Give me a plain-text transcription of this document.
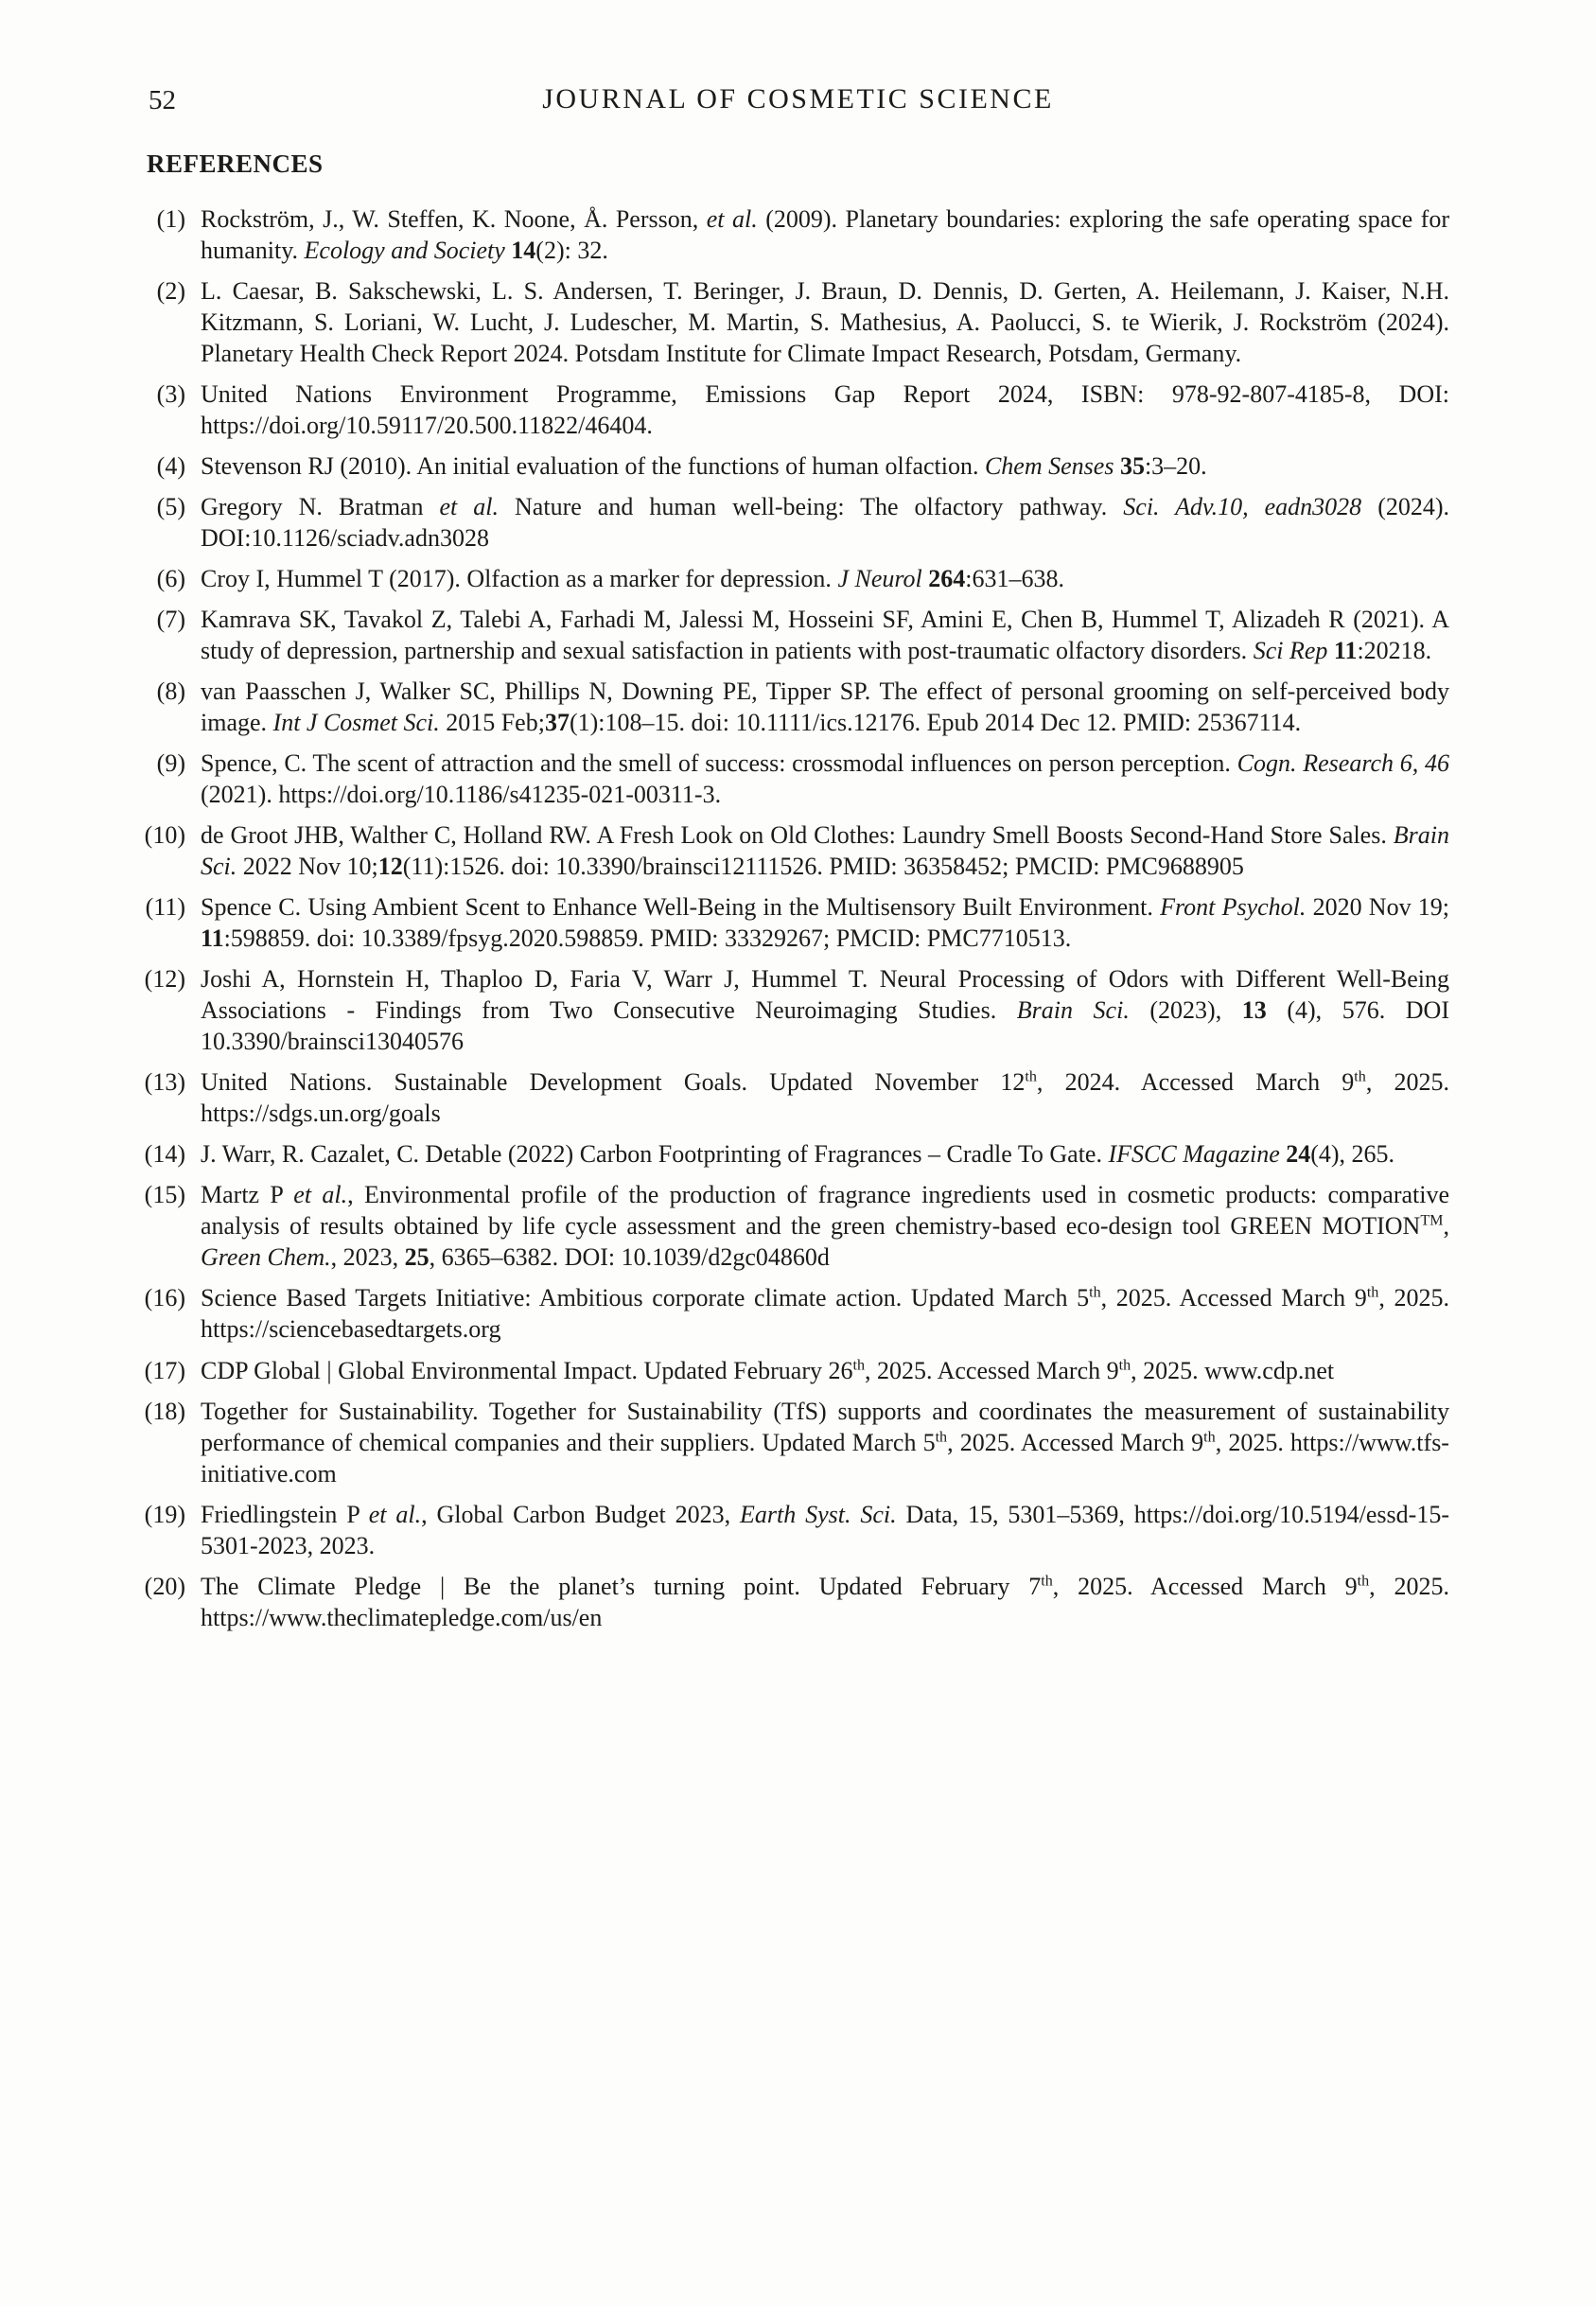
52	JOURNAL OF COSMETIC SCIENCE
REFERENCES
(1) Rockström, J., W. Steffen, K. Noone, Å. Persson, et al. (2009). Planetary boundaries: exploring the safe operating space for humanity. Ecology and Society 14(2): 32.
(2) L. Caesar, B. Sakschewski, L. S. Andersen, T. Beringer, J. Braun, D. Dennis, D. Gerten, A. Heilemann, J. Kaiser, N.H. Kitzmann, S. Loriani, W. Lucht, J. Ludescher, M. Martin, S. Mathesius, A. Paolucci, S. te Wierik, J. Rockström (2024). Planetary Health Check Report 2024. Potsdam Institute for Climate Impact Research, Potsdam, Germany.
(3) United Nations Environment Programme, Emissions Gap Report 2024, ISBN: 978-92-807-4185-8, DOI: https://doi.org/10.59117/20.500.11822/46404.
(4) Stevenson RJ (2010). An initial evaluation of the functions of human olfaction. Chem Senses 35:3–20.
(5) Gregory N. Bratman et al. Nature and human well-being: The olfactory pathway. Sci. Adv.10, eadn3028 (2024). DOI:10.1126/sciadv.adn3028
(6) Croy I, Hummel T (2017). Olfaction as a marker for depression. J Neurol 264:631–638.
(7) Kamrava SK, Tavakol Z, Talebi A, Farhadi M, Jalessi M, Hosseini SF, Amini E, Chen B, Hummel T, Alizadeh R (2021). A study of depression, partnership and sexual satisfaction in patients with post-traumatic olfactory disorders. Sci Rep 11:20218.
(8) van Paasschen J, Walker SC, Phillips N, Downing PE, Tipper SP. The effect of personal grooming on self-perceived body image. Int J Cosmet Sci. 2015 Feb;37(1):108–15. doi: 10.1111/ics.12176. Epub 2014 Dec 12. PMID: 25367114.
(9) Spence, C. The scent of attraction and the smell of success: crossmodal influences on person perception. Cogn. Research 6, 46 (2021). https://doi.org/10.1186/s41235-021-00311-3.
(10) de Groot JHB, Walther C, Holland RW. A Fresh Look on Old Clothes: Laundry Smell Boosts Second-Hand Store Sales. Brain Sci. 2022 Nov 10;12(11):1526. doi: 10.3390/brainsci12111526. PMID: 36358452; PMCID: PMC9688905
(11) Spence C. Using Ambient Scent to Enhance Well-Being in the Multisensory Built Environment. Front Psychol. 2020 Nov 19; 11:598859. doi: 10.3389/fpsyg.2020.598859. PMID: 33329267; PMCID: PMC7710513.
(12) Joshi A, Hornstein H, Thaploo D, Faria V, Warr J, Hummel T. Neural Processing of Odors with Different Well-Being Associations - Findings from Two Consecutive Neuroimaging Studies. Brain Sci. (2023), 13 (4), 576. DOI 10.3390/brainsci13040576
(13) United Nations. Sustainable Development Goals. Updated November 12th, 2024. Accessed March 9th, 2025. https://sdgs.un.org/goals
(14) J. Warr, R. Cazalet, C. Detable (2022) Carbon Footprinting of Fragrances – Cradle To Gate. IFSCC Magazine 24(4), 265.
(15) Martz P et al., Environmental profile of the production of fragrance ingredients used in cosmetic products: comparative analysis of results obtained by life cycle assessment and the green chemistry-based eco-design tool GREEN MOTION™, Green Chem., 2023, 25, 6365–6382. DOI: 10.1039/d2gc04860d
(16) Science Based Targets Initiative: Ambitious corporate climate action. Updated March 5th, 2025. Accessed March 9th, 2025. https://sciencebasedtargets.org
(17) CDP Global | Global Environmental Impact. Updated February 26th, 2025. Accessed March 9th, 2025. www.cdp.net
(18) Together for Sustainability. Together for Sustainability (TfS) supports and coordinates the measurement of sustainability performance of chemical companies and their suppliers. Updated March 5th, 2025. Accessed March 9th, 2025. https://www.tfs-initiative.com
(19) Friedlingstein P et al., Global Carbon Budget 2023, Earth Syst. Sci. Data, 15, 5301–5369, https://doi.org/10.5194/essd-15-5301-2023, 2023.
(20) The Climate Pledge | Be the planet’s turning point. Updated February 7th, 2025. Accessed March 9th, 2025. https://www.theclimatepledge.com/us/en
